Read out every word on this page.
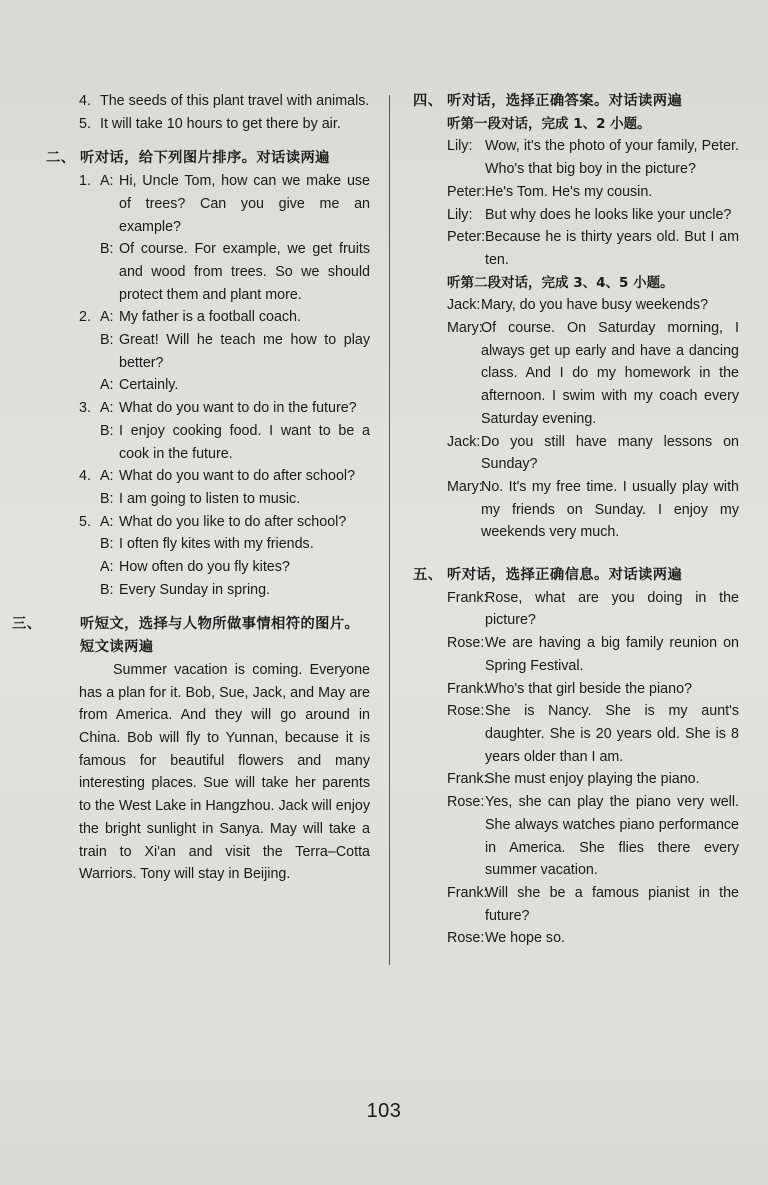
4. The seeds of this plant travel with animals.
5. It will take 10 hours to get there by air.
二、 听对话，给下列图片排序。对话读两遍
1. A: Hi, Uncle Tom, how can we make use of trees? Can you give me an example?
B: Of course. For example, we get fruits and wood from trees. So we should protect them and plant more.
2. A: My father is a football coach.
B: Great! Will he teach me how to play better?
A: Certainly.
3. A: What do you want to do in the future?
B: I enjoy cooking food. I want to be a cook in the future.
4. A: What do you want to do after school?
B: I am going to listen to music.
5. A: What do you like to do after school?
B: I often fly kites with my friends.
A: How often do you fly kites?
B: Every Sunday in spring.
三、	听短文，选择与人物所做事情相符的图片。短文读两遍
Summer vacation is coming. Everyone has a plan for it. Bob, Sue, Jack, and May are from America. And they will go around in China. Bob will fly to Yunnan, because it is famous for beautiful flowers and many interesting places. Sue will take her parents to the West Lake in Hangzhou. Jack will enjoy the bright sunlight in Sanya. May will take a train to Xi'an and visit the Terra–Cotta Warriors. Tony will stay in Beijing.
四、 听对话，选择正确答案。对话读两遍
听第一段对话，完成 1、2 小题。
Lily: Wow, it's the photo of your family, Peter. Who's that big boy in the picture?
Peter: He's Tom. He's my cousin.
Lily: But why does he looks like your uncle?
Peter: Because he is thirty years old. But I am ten.
听第二段对话，完成 3、4、5 小题。
Jack: Mary, do you have busy weekends?
Mary:
Of course. On Saturday morning, I always get up early and have a dancing class. And I do my homework in the afternoon. I swim with my coach every Saturday evening.
Jack: Do you still have many lessons on Sunday?
Mary:
No. It's my free time. I usually play with my friends on Sunday. I enjoy my weekends very much.
五、 听对话，选择正确信息。对话读两遍
Frank:
Rose, what are you doing in the picture?
Rose: We are having a big family reunion on Spring Festival.
Frank:
Who's that girl beside the piano?
Rose: She is Nancy. She is my aunt's daughter. She is 20 years old. She is 8 years older than I am.
Frank:
She must enjoy playing the piano.
Rose: Yes, she can play the piano very well. She always watches piano performance in America. She flies there every summer vacation.
Frank:
Will she be a famous pianist in the future?
Rose: We hope so.
103
